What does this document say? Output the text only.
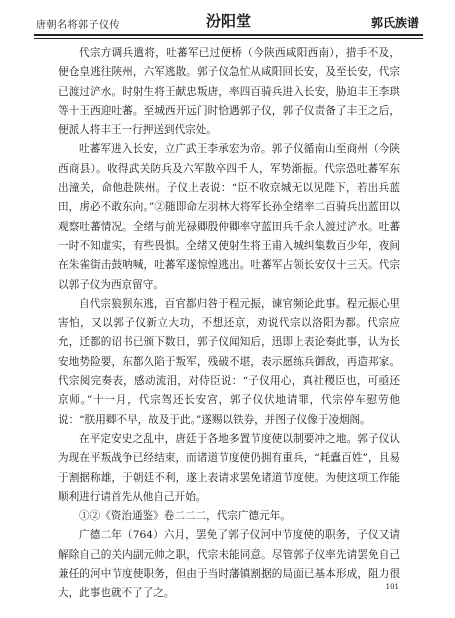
唐朝名将郭子仪传	汾阳堂	郭氏族谱

代宗方调兵遣将，吐蕃军已过便桥（今陕西咸阳西南），措手不及，便仓皇逃往陕州，六军逃散。郭子仪急忙从咸阳回长安，及至长安，代宗已渡过浐水。时射生将王献忠叛唐，率四百骑兵进入长安，胁迫丰王李珙等十王西迎吐蕃。至城西开远门时恰遇郭子仪，郭子仪责备了丰王之后，便派人将丰王一行押送到代宗处。

吐蕃军进入长安，立广武王李承宏为帝。郭子仪循南山至商州（今陕西商县）。收得武关防兵及六军散卒四千人，军势渐振。代宗恐吐蕃军东出潼关，命他赴陕州。子仪上表说：“臣不收京城无以见陛下，若出兵蓝田，虏必不敢东向。”②随即命左羽林大将军长孙全绪率二百骑兵出蓝田以观察吐蕃情况。全绪与前光禄卿殷仲卿率守蓝田兵千余人渡过浐水。吐蕃一时不知虚实，有些畏惧。全绪又使射生将王甫入城纠集数百少年，夜间在朱雀街击鼓呐喊，吐蕃军遂惊惶逃出。吐蕃军占领长安仅十三天。代宗以郭子仪为西京留守。

自代宗狼狈东逃，百官都归咎于程元振，谏官频论此事。程元振心里害怕，又以郭子仪新立大功，不想还京，劝说代宗以洛阳为都。代宗应允，迁都的诏书已颁下数日，郭子仪闻知后，迅即上表论奏此事，认为长安地势险要，东都久陷于叛军，残破不堪，表示愿练兵御敌，再造邦家。代宗阅完奏表，感动流泪，对侍臣说：“子仪用心，真社稷臣也，可亟还京师。”十一月，代宗驾还长安宫，郭子仪伏地请罪，代宗停车慰劳他说：“朕用卿不早，故及于此。”遂赐以铁券，并图子仪像于凌烟阁。

在平定安史之乱中，唐廷于各地多置节度使以制要冲之地。郭子仪认为现在平叛战争已经结束，而诸道节度使仍拥有重兵，“耗蠹百姓”，且易于割据称雄，于朝廷不利，遂上表请求罢免诸道节度使。为使这项工作能顺利进行请首先从他自己开始。

①②《资治通鉴》卷二二二，代宗广德元年。

广德二年（764）六月，罢免了郭子仪河中节度使的职务，子仪又请解除自己的关内副元帅之职，代宗未能同意。尽管郭子仪率先请罢免自己兼任的河中节度使职务，但由于当时藩镇割据的局面已基本形成，阻力很大，此事也就不了了之。

101
